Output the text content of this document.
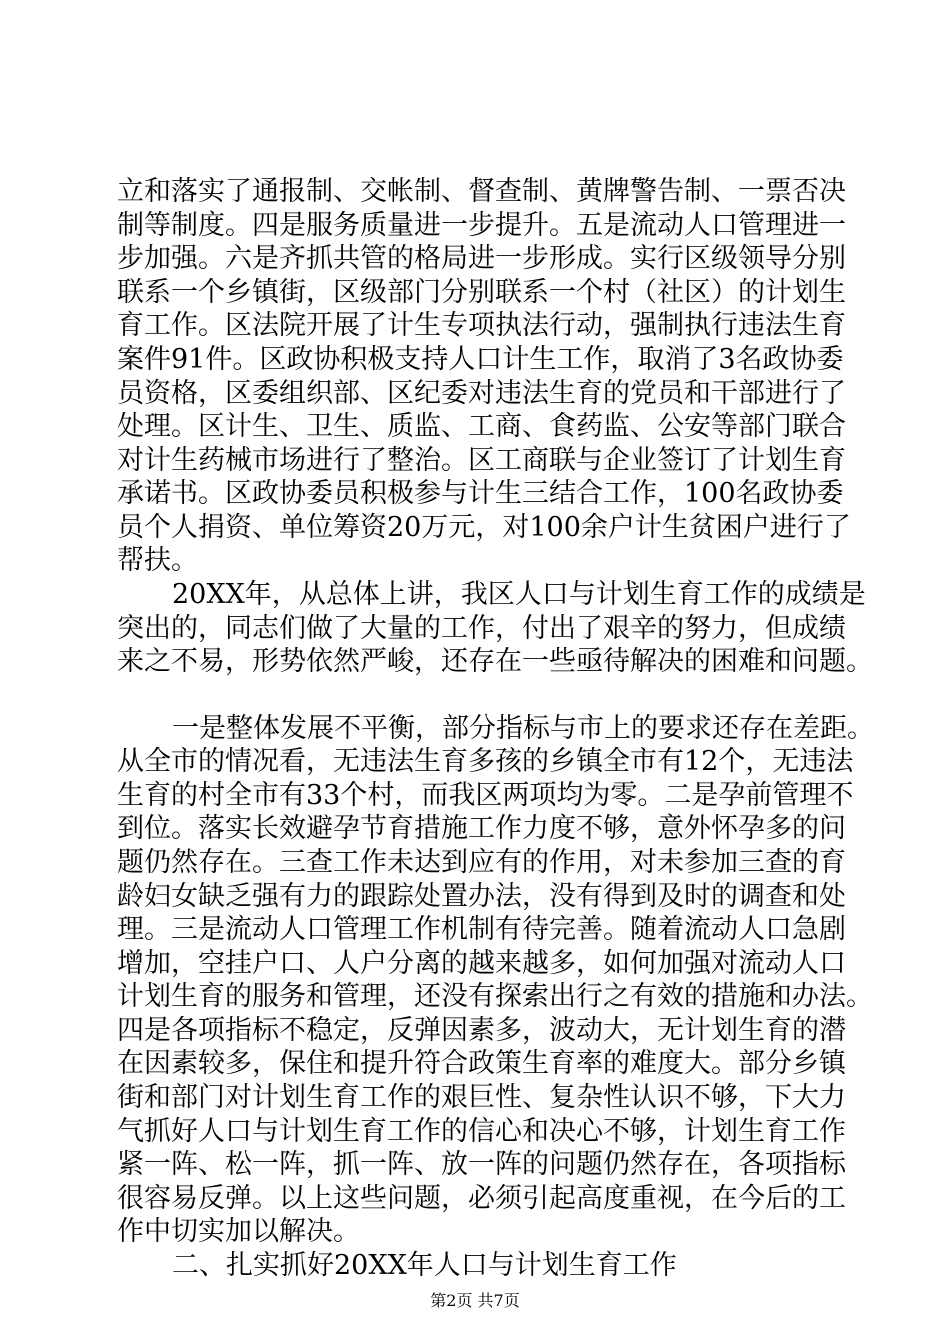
立和落实了通报制、交帐制、督查制、黄牌警告制、一票否决
制等制度。四是服务质量进一步提升。五是流动人口管理进一
步加强。六是齐抓共管的格局进一步形成。实行区级领导分别
联系一个乡镇街，区级部门分别联系一个村（社区）的计划生
育工作。区法院开展了计生专项执法行动，强制执行违法生育
案件91件。区政协积极支持人口计生工作，取消了3名政协委
员资格，区委组织部、区纪委对违法生育的党员和干部进行了
处理。区计生、卫生、质监、工商、食药监、公安等部门联合
对计生药械市场进行了整治。区工商联与企业签订了计划生育
承诺书。区政协委员积极参与计生三结合工作，100名政协委
员个人捐资、单位筹资20万元，对100余户计生贫困户进行了
帮扶。
20XX年，从总体上讲，我区人口与计划生育工作的成绩是
突出的，同志们做了大量的工作，付出了艰辛的努力，但成绩
来之不易，形势依然严峻，还存在一些亟待解决的困难和问题。
一是整体发展不平衡，部分指标与市上的要求还存在差距。
从全市的情况看，无违法生育多孩的乡镇全市有12个，无违法
生育的村全市有33个村，而我区两项均为零。二是孕前管理不
到位。落实长效避孕节育措施工作力度不够，意外怀孕多的问
题仍然存在。三查工作未达到应有的作用，对未参加三查的育
龄妇女缺乏强有力的跟踪处置办法，没有得到及时的调查和处
理。三是流动人口管理工作机制有待完善。随着流动人口急剧
增加，空挂户口、人户分离的越来越多，如何加强对流动人口
计划生育的服务和管理，还没有探索出行之有效的措施和办法。
四是各项指标不稳定，反弹因素多，波动大，无计划生育的潜
在因素较多，保住和提升符合政策生育率的难度大。部分乡镇
街和部门对计划生育工作的艰巨性、复杂性认识不够，下大力
气抓好人口与计划生育工作的信心和决心不够，计划生育工作
紧一阵、松一阵，抓一阵、放一阵的问题仍然存在，各项指标
很容易反弹。以上这些问题，必须引起高度重视，在今后的工
作中切实加以解决。
二、扎实抓好20XX年人口与计划生育工作
第2页 共7页
